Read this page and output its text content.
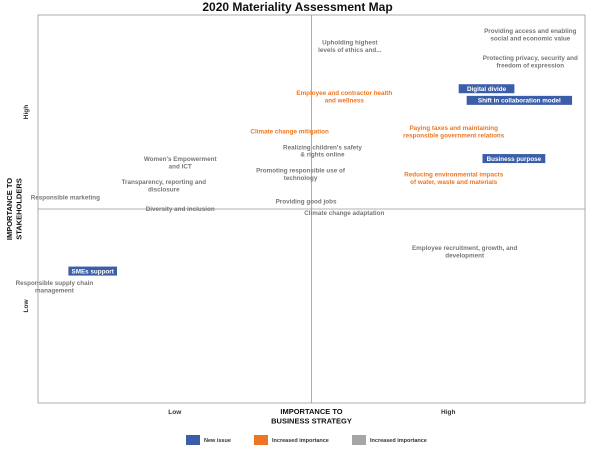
2020 Materiality Assessment Map
Providing access and enabling
social and economic value
Upholding highest
levels of ethics and...
Protecting privacy, security and
freedom of expression
Digital divide
Shift in collaboration model
Employee and contractor health
and wellness
Climate change mitigation
Paying taxes and maintaining
responsible government relations
Realizing children's safety
& rights online
Women's Empowerment
and ICT
Business purpose
Promoting responsible use of
technology
Reducing environmental impacts
of water, waste and materials
Transparency, reporting and
disclosure
Responsible marketing
Providing good jobs
Diversity and inclusion
Climate change adaptation
Employee recruitment, growth, and
development
SMEs support
Responsible supply chain
management
Low	High
Low
High
IMPORTANCE TO
BUSINESS STRATEGY
IMPORTANCE TO STAKEHOLDERS
New issue	Increased importance	Increased importance
